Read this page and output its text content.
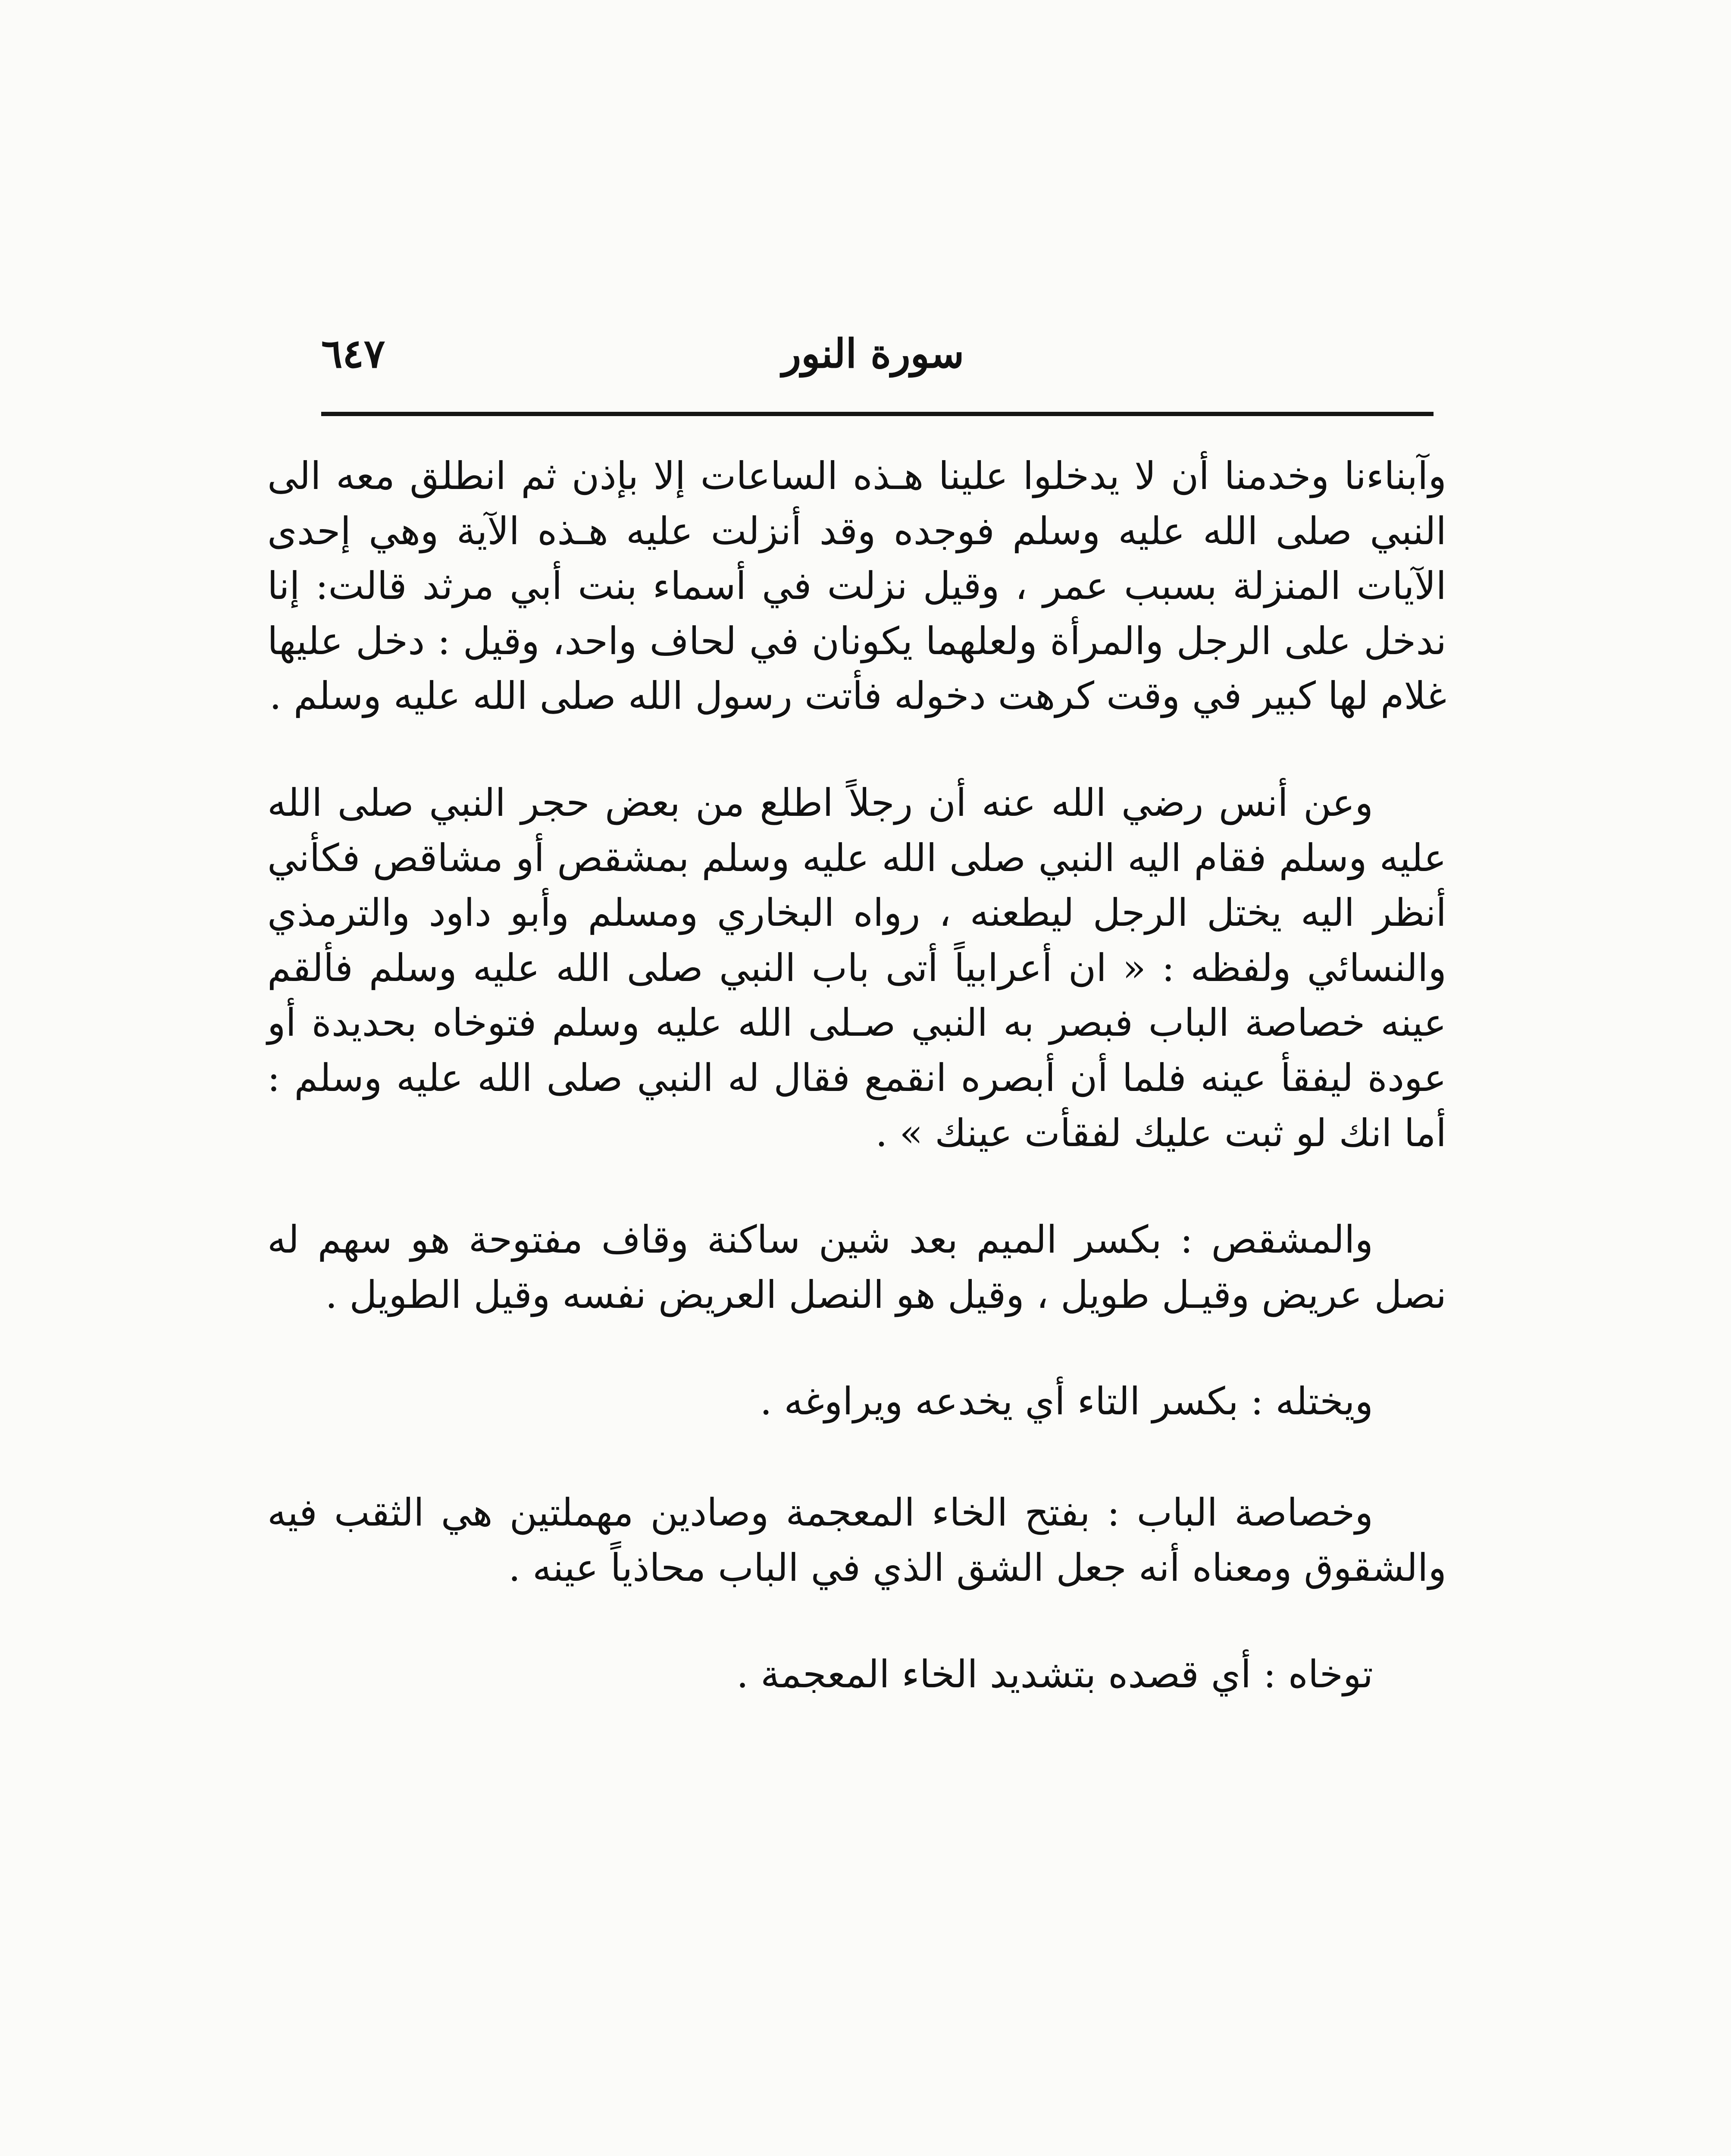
سورة النور
٦٤٧

وآبناءنا وخدمنا أن لا يدخلوا علينا هـذه الساعات إلا بإذن ثم انطلق معه الى النبي صلى الله عليه وسلم فوجده وقد أنزلت عليه هـذه الآية وهي إحدى الآيات المنزلة بسبب عمر ، وقيل نزلت في أسماء بنت أبي مرثد قالت: إنا ندخل على الرجل والمرأة ولعلهما يكونان في لحاف واحد، وقيل : دخل عليها غلام لها كبير في وقت كرهت دخوله فأتت رسول الله صلى الله عليه وسلم .

وعن أنس رضي الله عنه أن رجلاً اطلع من بعض حجر النبي صلى الله عليه وسلم فقام اليه النبي صلى الله عليه وسلم بمشقص أو مشاقص فكأني أنظر اليه يختل الرجل ليطعنه ، رواه البخاري ومسلم وأبو داود والترمذي والنسائي ولفظه : « ان أعرابياً أتى باب النبي صلى الله عليه وسلم فألقم عينه خصاصة الباب فبصر به النبي صـلى الله عليه وسلم فتوخاه بحديدة أو عودة ليفقأ عينه فلما أن أبصره انقمع فقال له النبي صلى الله عليه وسلم : أما انك لو ثبت عليك لفقأت عينك » .

والمشقص : بكسر الميم بعد شين ساكنة وقاف مفتوحة هو سهم له نصل عريض وقيـل طويل ، وقيل هو النصل العريض نفسه وقيل الطويل .

ويختله : بكسر التاء أي يخدعه ويراوغه .

وخصاصة الباب : بفتح الخاء المعجمة وصادين مهملتين هي الثقب فيه والشقوق ومعناه أنه جعل الشق الذي في الباب محاذياً عينه .

توخاه : أي قصده بتشديد الخاء المعجمة .
